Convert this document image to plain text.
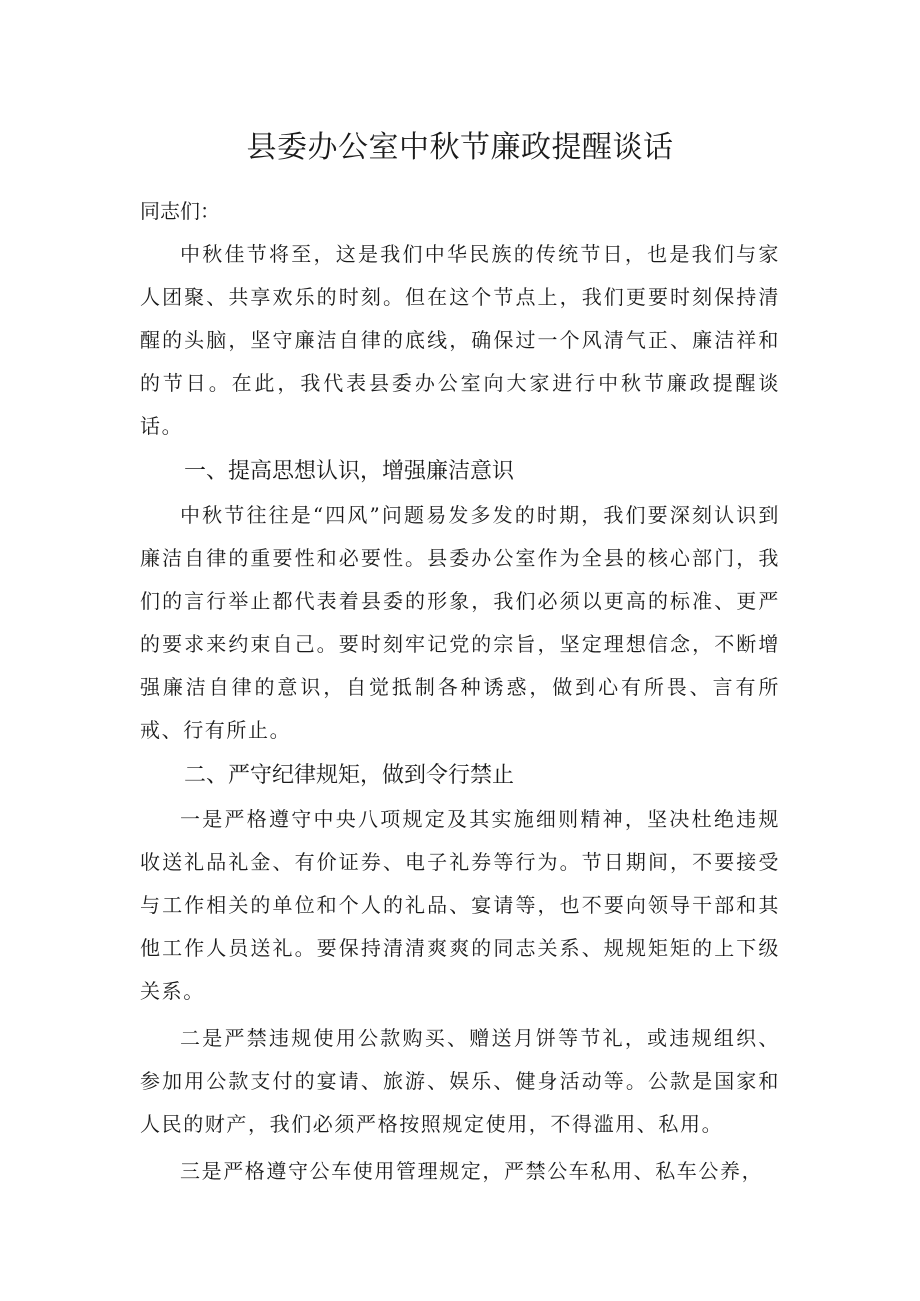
县委办公室中秋节廉政提醒谈话

同志们：

中秋佳节将至，这是我们中华民族的传统节日，也是我们与家人团聚、共享欢乐的时刻。但在这个节点上，我们更要时刻保持清醒的头脑，坚守廉洁自律的底线，确保过一个风清气正、廉洁祥和的节日。在此，我代表县委办公室向大家进行中秋节廉政提醒谈话。

一、提高思想认识，增强廉洁意识

中秋节往往是“四风”问题易发多发的时期，我们要深刻认识到廉洁自律的重要性和必要性。县委办公室作为全县的核心部门，我们的言行举止都代表着县委的形象，我们必须以更高的标准、更严的要求来约束自己。要时刻牢记党的宗旨，坚定理想信念，不断增强廉洁自律的意识，自觉抵制各种诱惑，做到心有所畏、言有所戒、行有所止。

二、严守纪律规矩，做到令行禁止

一是严格遵守中央八项规定及其实施细则精神，坚决杜绝违规收送礼品礼金、有价证券、电子礼券等行为。节日期间，不要接受与工作相关的单位和个人的礼品、宴请等，也不要向领导干部和其他工作人员送礼。要保持清清爽爽的同志关系、规规矩矩的上下级关系。

二是严禁违规使用公款购买、赠送月饼等节礼，或违规组织、参加用公款支付的宴请、旅游、娱乐、健身活动等。公款是国家和人民的财产，我们必须严格按照规定使用，不得滥用、私用。

三是严格遵守公车使用管理规定，严禁公车私用、私车公养，
